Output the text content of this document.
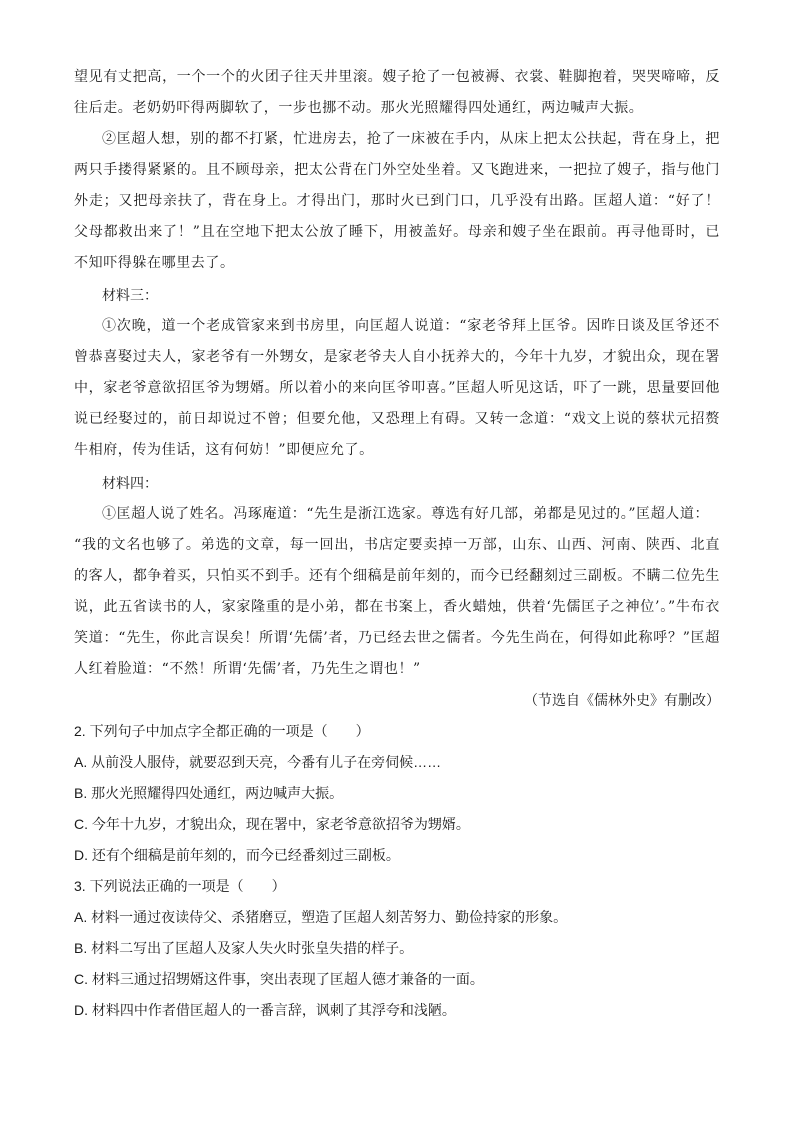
望见有丈把高，一个一个的火团子往天井里滚。嫂子抢了一包被褥、衣裳、鞋脚抱着，哭哭啼啼，反往后走。老奶奶吓得两脚软了，一步也挪不动。那火光照耀得四处通红，两边喊声大振。
②匡超人想，别的都不打紧，忙进房去，抢了一床被在手内，从床上把太公扶起，背在身上，把两只手搂得紧紧的。且不顾母亲，把太公背在门外空处坐着。又飞跑进来，一把拉了嫂子，指与他门外走；又把母亲扶了，背在身上。才得出门，那时火已到门口，几乎没有出路。匡超人道：“好了！父母都救出来了！”且在空地下把太公放了睡下，用被盖好。母亲和嫂子坐在跟前。再寻他哥时，已不知吓得躲在哪里去了。
材料三：
①次晚，道一个老成管家来到书房里，向匡超人说道：“家老爷拜上匡爷。因昨日谈及匡爷还不曾恭喜娶过夫人，家老爷有一外甥女，是家老爷夫人自小抚养大的，今年十九岁，才貌出众，现在署中，家老爷意欲招匡爷为甥婿。所以着小的来向匡爷叩喜。”匡超人听见这话，吓了一跳，思量要回他说已经娶过的，前日却说过不曾；但要允他，又恐理上有碍。又转一念道：“戏文上说的蔡状元招赘牛相府，传为佳话，这有何妨！”即便应允了。
材料四：
①匡超人说了姓名。冯琢庵道：“先生是浙江选家。尊选有好几部，弟都是见过的。”匡超人道：
“我的文名也够了。弟选的文章，每一回出，书店定要卖掉一万部，山东、山西、河南、陕西、北直的客人，都争着买，只怕买不到手。还有个细稿是前年刻的，而今已经翻刻过三副板。不瞒二位先生说，此五省读书的人，家家隆重的是小弟，都在书案上，香火蜡烛，供着‘先儒匡子之神位’。”牛布衣笑道：“先生，你此言误矣！所谓‘先儒’者，乃已经去世之儒者。今先生尚在，何得如此称呼？”匡超人红着脸道：“不然！所谓‘先儒’者，乃先生之谓也！”
（节选自《儒林外史》有删改）
2. 下列句子中加点字全都正确的一项是（　　）
A. 从前没人服侍，就要忍到天亮，今番有儿子在旁伺候……
B. 那火光照耀得四处通红，两边喊声大振。
C. 今年十九岁，才貌出众，现在署中，家老爷意欲招爷为甥婿。
D. 还有个细稿是前年刻的，而今已经番刻过三副板。
3. 下列说法正确的一项是（　　）
A. 材料一通过夜读侍父、杀猪磨豆，塑造了匡超人刻苦努力、勤俭持家的形象。
B. 材料二写出了匡超人及家人失火时张皇失措的样子。
C. 材料三通过招甥婿这件事，突出表现了匡超人德才兼备的一面。
D. 材料四中作者借匡超人的一番言辞，讽刺了其浮夸和浅陋。
